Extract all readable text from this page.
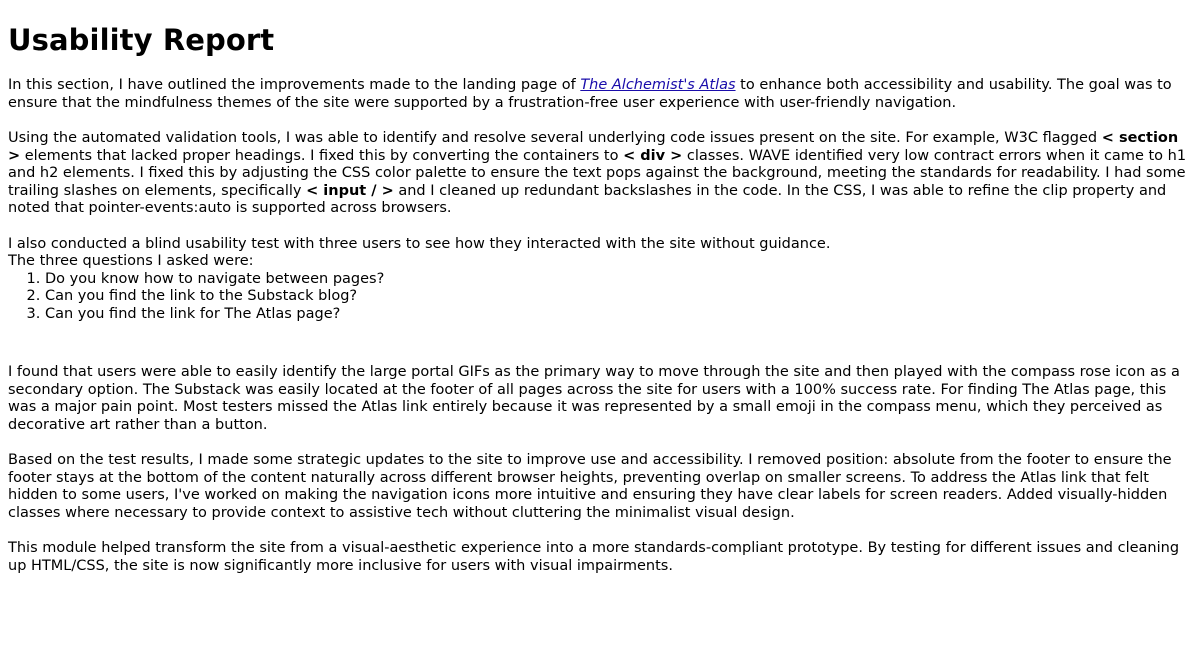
Usability Report

In this section, I have outlined the improvements made to the landing page of The Alchemist's Atlas to enhance both accessibility and usability. The goal was to ensure that the mindfulness themes of the site were supported by a frustration-free user experience with user-friendly navigation.

Using the automated validation tools, I was able to identify and resolve several underlying code issues present on the site. For example, W3C flagged < section > elements that lacked proper headings. I fixed this by converting the containers to < div > classes. WAVE identified very low contract errors when it came to h1 and h2 elements. I fixed this by adjusting the CSS color palette to ensure the text pops against the background, meeting the standards for readability. I had some trailing slashes on elements, specifically < input / > and I cleaned up redundant backslashes in the code. In the CSS, I was able to refine the clip property and noted that pointer-events:auto is supported across browsers.

I also conducted a blind usability test with three users to see how they interacted with the site without guidance.
The three questions I asked were:

1. Do you know how to navigate between pages?
2. Can you find the link to the Substack blog?
3. Can you find the link for The Atlas page?

I found that users were able to easily identify the large portal GIFs as the primary way to move through the site and then played with the compass rose icon as a secondary option. The Substack was easily located at the footer of all pages across the site for users with a 100% success rate. For finding The Atlas page, this was a major pain point. Most testers missed the Atlas link entirely because it was represented by a small emoji in the compass menu, which they perceived as decorative art rather than a button.

Based on the test results, I made some strategic updates to the site to improve use and accessibility. I removed position: absolute from the footer to ensure the footer stays at the bottom of the content naturally across different browser heights, preventing overlap on smaller screens. To address the Atlas link that felt hidden to some users, I've worked on making the navigation icons more intuitive and ensuring they have clear labels for screen readers. Added visually-hidden classes where necessary to provide context to assistive tech without cluttering the minimalist visual design.

This module helped transform the site from a visual-aesthetic experience into a more standards-compliant prototype. By testing for different issues and cleaning up HTML/CSS, the site is now significantly more inclusive for users with visual impairments.
